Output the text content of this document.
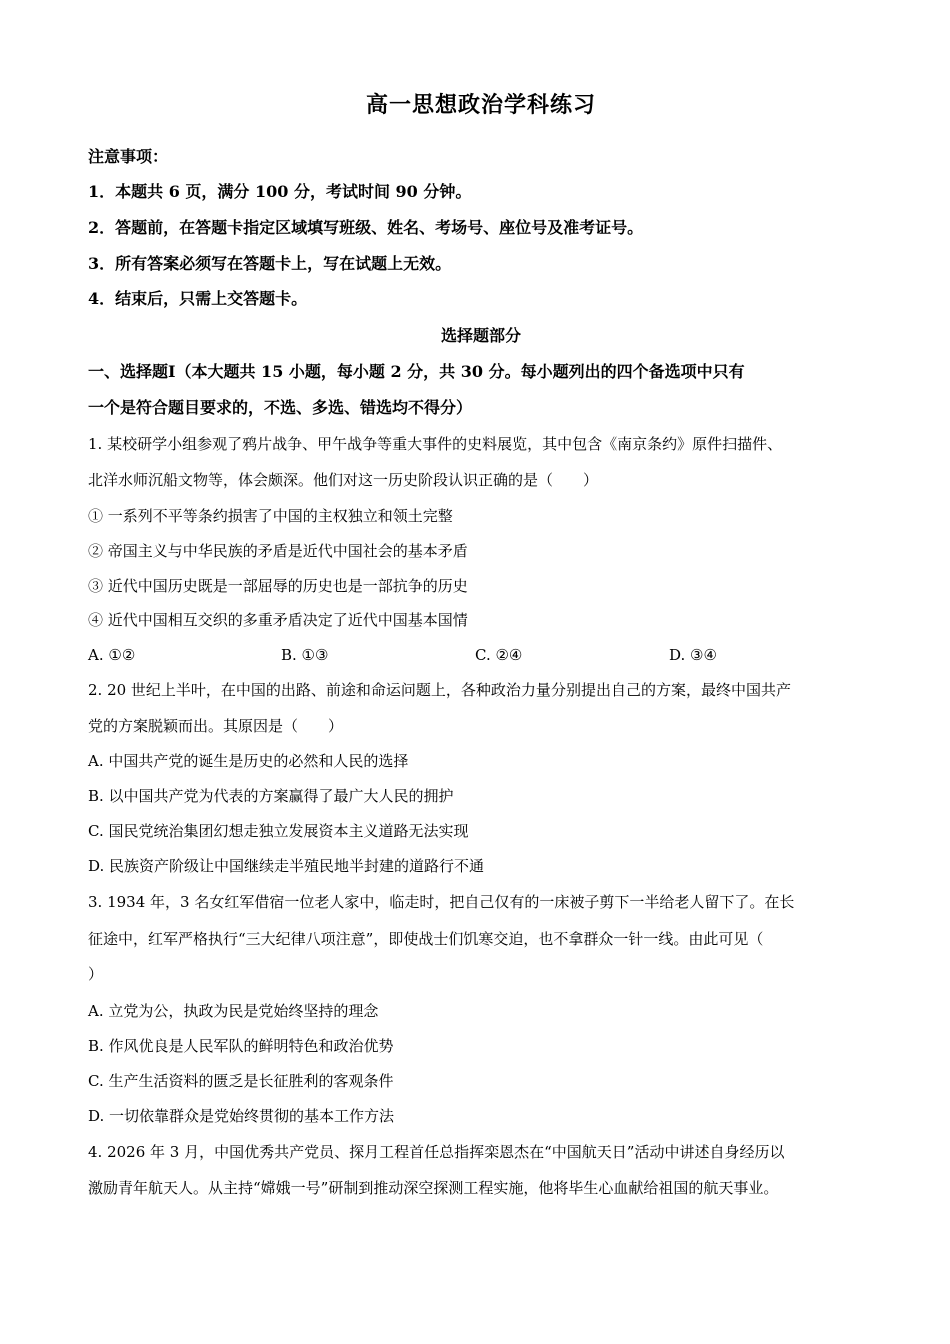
高一思想政治学科练习
注意事项：
1．本题共 6 页，满分 100 分，考试时间 90 分钟。
2．答题前，在答题卡指定区域填写班级、姓名、考场号、座位号及准考证号。
3．所有答案必须写在答题卡上，写在试题上无效。
4．结束后，只需上交答题卡。
选择题部分
一、选择题Ⅰ（本大题共 15 小题，每小题 2 分，共 30 分。每小题列出的四个备选项中只有
一个是符合题目要求的，不选、多选、错选均不得分）
1. 某校研学小组参观了鸦片战争、甲午战争等重大事件的史料展览，其中包含《南京条约》原件扫描件、
北洋水师沉船文物等，体会颇深。他们对这一历史阶段认识正确的是（　　）
① 一系列不平等条约损害了中国的主权独立和领土完整
② 帝国主义与中华民族的矛盾是近代中国社会的基本矛盾
③ 近代中国历史既是一部屈辱的历史也是一部抗争的历史
④ 近代中国相互交织的多重矛盾决定了近代中国基本国情
A. ①②	B. ①③	C. ②④	D. ③④
2. 20 世纪上半叶，在中国的出路、前途和命运问题上，各种政治力量分别提出自己的方案，最终中国共产
党的方案脱颖而出。其原因是（　　）
A. 中国共产党的诞生是历史的必然和人民的选择
B. 以中国共产党为代表的方案赢得了最广大人民的拥护
C. 国民党统治集团幻想走独立发展资本主义道路无法实现
D. 民族资产阶级让中国继续走半殖民地半封建的道路行不通
3. 1934 年，3 名女红军借宿一位老人家中，临走时，把自己仅有的一床被子剪下一半给老人留下了。在长
征途中，红军严格执行“三大纪律八项注意”，即使战士们饥寒交迫，也不拿群众一针一线。由此可见（
）
A. 立党为公，执政为民是党始终坚持的理念
B. 作风优良是人民军队的鲜明特色和政治优势
C. 生产生活资料的匮乏是长征胜利的客观条件
D. 一切依靠群众是党始终贯彻的基本工作方法
4. 2026 年 3 月，中国优秀共产党员、探月工程首任总指挥栾恩杰在“中国航天日”活动中讲述自身经历以
激励青年航天人。从主持“嫦娥一号”研制到推动深空探测工程实施，他将毕生心血献给祖国的航天事业。
